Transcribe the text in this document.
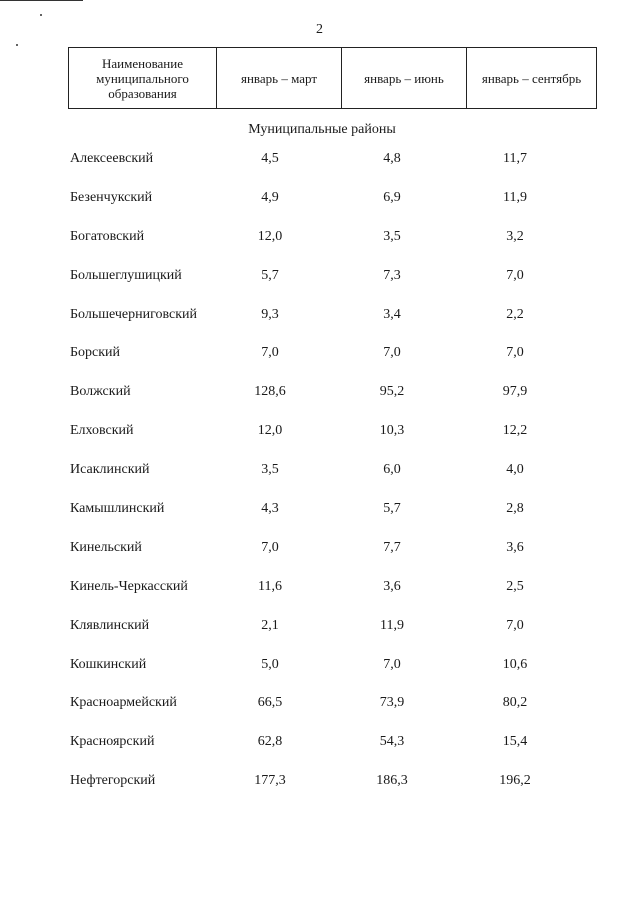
2
Наименование муниципального образования	январь – март	январь – июнь	январь – сентябрь
Муниципальные районы
Алексеевский	4,5	4,8	11,7
Безенчукский	4,9	6,9	11,9
Богатовский	12,0	3,5	3,2
Большеглушицкий	5,7	7,3	7,0
Большечерниговский	9,3	3,4	2,2
Борский	7,0	7,0	7,0
Волжский	128,6	95,2	97,9
Елховский	12,0	10,3	12,2
Исаклинский	3,5	6,0	4,0
Камышлинский	4,3	5,7	2,8
Кинельский	7,0	7,7	3,6
Кинель-Черкасский	11,6	3,6	2,5
Клявлинский	2,1	11,9	7,0
Кошкинский	5,0	7,0	10,6
Красноармейский	66,5	73,9	80,2
Красноярский	62,8	54,3	15,4
Нефтегорский	177,3	186,3	196,2
